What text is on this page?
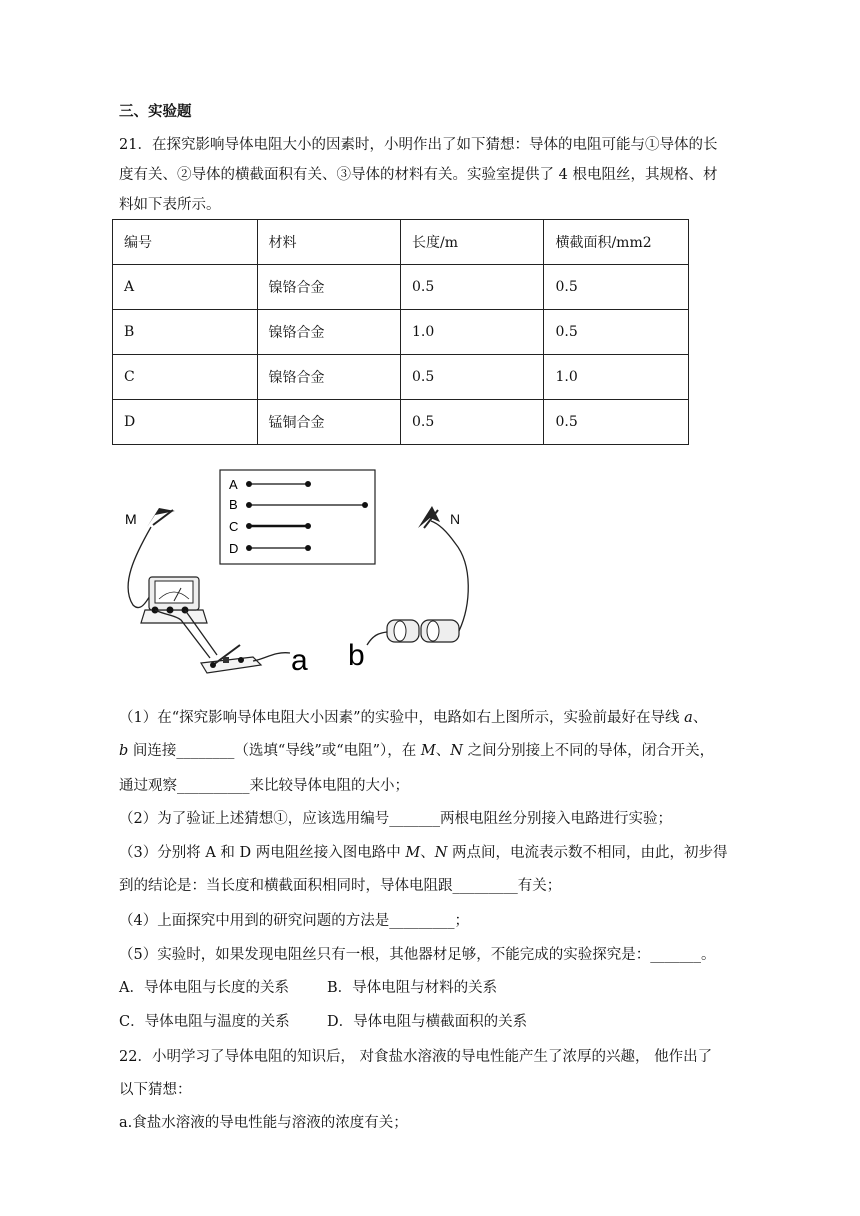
三、实验题
21．在探究影响导体电阻大小的因素时，小明作出了如下猜想：导体的电阻可能与①导体的长
度有关、②导体的横截面积有关、③导体的材料有关。实验室提供了 4 根电阻丝，其规格、材
料如下表所示。
编号	材料	长度/m	横截面积/mm2
A	镍铬合金	0.5	0.5
B	镍铬合金	1.0	0.5
C	镍铬合金	0.5	1.0
D	锰铜合金	0.5	0.5
A
B
C
D
M
a b
N
（1）在“探究影响导体电阻大小因素”的实验中，电路如右上图所示，实验前最好在导线 a、
b 间连接________（选填“导线”或“电阻”），在 M、N 之间分别接上不同的导体，闭合开关，
通过观察__________来比较导体电阻的大小；
（2）为了验证上述猜想①，应该选用编号_______两根电阻丝分别接入电路进行实验；
（3）分别将 A 和 D 两电阻丝接入图电路中 M、N 两点间，电流表示数不相同，由此，初步得
到的结论是：当长度和横截面积相同时，导体电阻跟_________有关；
（4）上面探究中用到的研究问题的方法是_________；
（5）实验时，如果发现电阻丝只有一根，其他器材足够，不能完成的实验探究是：_______。
A．导体电阻与长度的关系	B．导体电阻与材料的关系
C．导体电阻与温度的关系	D．导体电阻与横截面积的关系
22．小明学习了导体电阻的知识后， 对食盐水溶液的导电性能产生了浓厚的兴趣， 他作出了
以下猜想：
a.食盐水溶液的导电性能与溶液的浓度有关；
